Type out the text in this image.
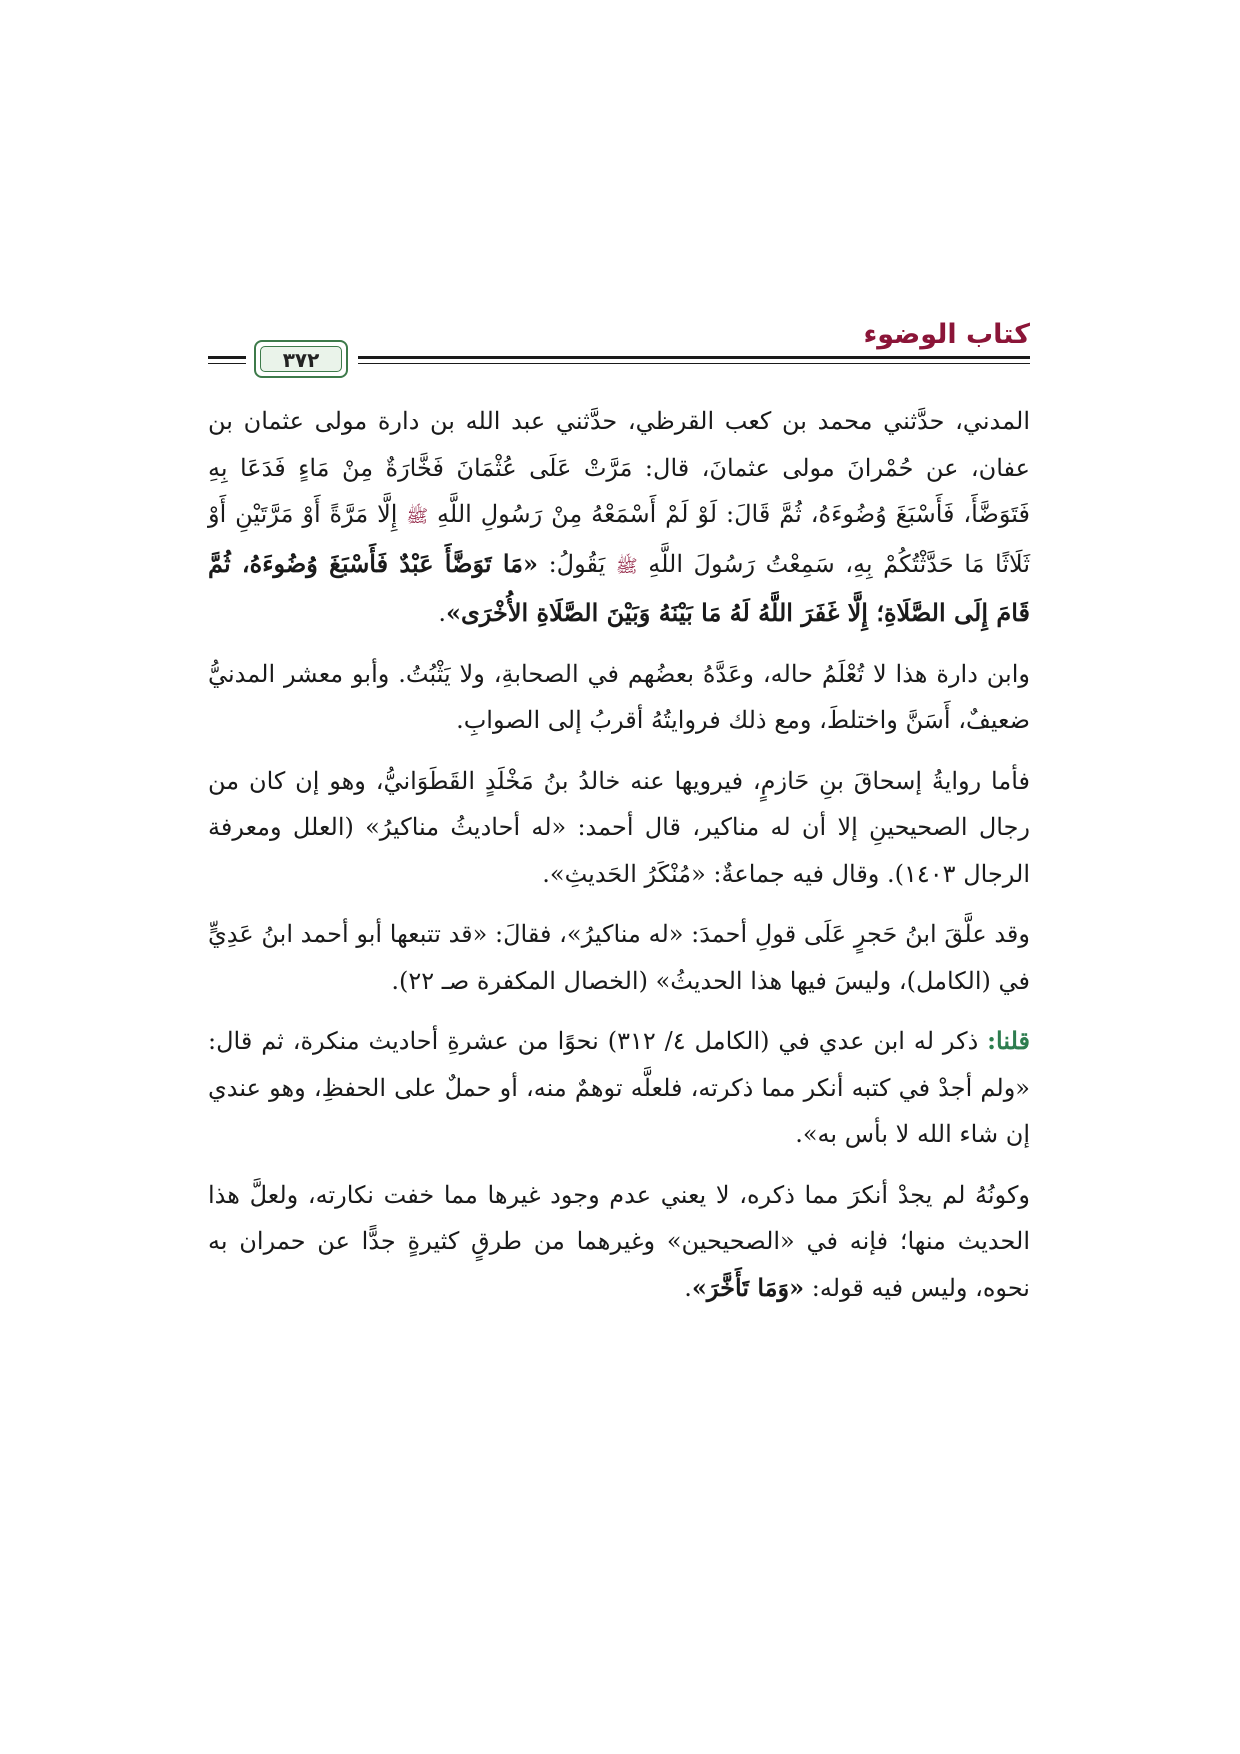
كتاب الوضوء
٣٧٢

المدني، حدَّثني محمد بن كعب القرظي، حدَّثني عبد الله بن دارة مولى عثمان بن عفان، عن حُمْرانَ مولى عثمانَ، قال: مَرَّتْ عَلَى عُثْمَانَ فَخَّارَةٌ مِنْ مَاءٍ فَدَعَا بِهِ فَتَوَضَّأَ، فَأَسْبَغَ وُضُوءَهُ، ثُمَّ قَالَ: لَوْ لَمْ أَسْمَعْهُ مِنْ رَسُولِ اللَّهِ ﷺ إِلَّا مَرَّةً أَوْ مَرَّتَيْنِ أَوْ ثَلَاثًا مَا حَدَّثْتُكُمْ بِهِ، سَمِعْتُ رَسُولَ اللَّهِ ﷺ يَقُولُ: «مَا تَوَضَّأَ عَبْدٌ فَأَسْبَغَ وُضُوءَهُ، ثُمَّ قَامَ إِلَى الصَّلَاةِ؛ إِلَّا غَفَرَ اللَّهُ لَهُ مَا بَيْنَهُ وَبَيْنَ الصَّلَاةِ الأُخْرَى».

وابن دارة هذا لا تُعْلَمُ حاله، وعَدَّهُ بعضُهم في الصحابةِ، ولا يَثْبُتُ. وأبو معشر المدنيُّ ضعيفٌ، أَسَنَّ واختلطَ، ومع ذلك فروايتُهُ أقربُ إلى الصوابِ.

فأما روايةُ إسحاقَ بنِ حَازمٍ، فيرويها عنه خالدُ بنُ مَخْلَدٍ القَطَوَانيُّ، وهو إن كان من رجال الصحيحينِ إلا أن له مناكير، قال أحمد: «له أحاديثُ مناكيرُ» (العلل ومعرفة الرجال ١٤٠٣). وقال فيه جماعةٌ: «مُنْكَرُ الحَديثِ».

وقد علَّقَ ابنُ حَجرٍ عَلَى قولِ أحمدَ: «له مناكيرُ»، فقالَ: «قد تتبعها أبو أحمد ابنُ عَدِيٍّ في (الكامل)، وليسَ فيها هذا الحديثُ» (الخصال المكفرة صـ ٢٢).

قلنا: ذكر له ابن عدي في (الكامل ٤/ ٣١٢) نحوًا من عشرةِ أحاديث منكرة، ثم قال: «ولم أجدْ في كتبه أنكر مما ذكرته، فلعلَّه توهمٌ منه، أو حملٌ على الحفظِ، وهو عندي إن شاء الله لا بأس به».

وكونُهُ لم يجدْ أنكرَ مما ذكره، لا يعني عدم وجود غيرها مما خفت نكارته، ولعلَّ هذا الحديث منها؛ فإنه في «الصحيحين» وغيرهما من طرقٍ كثيرةٍ جدًّا عن حمران به نحوه، وليس فيه قوله: «وَمَا تَأَخَّرَ».
